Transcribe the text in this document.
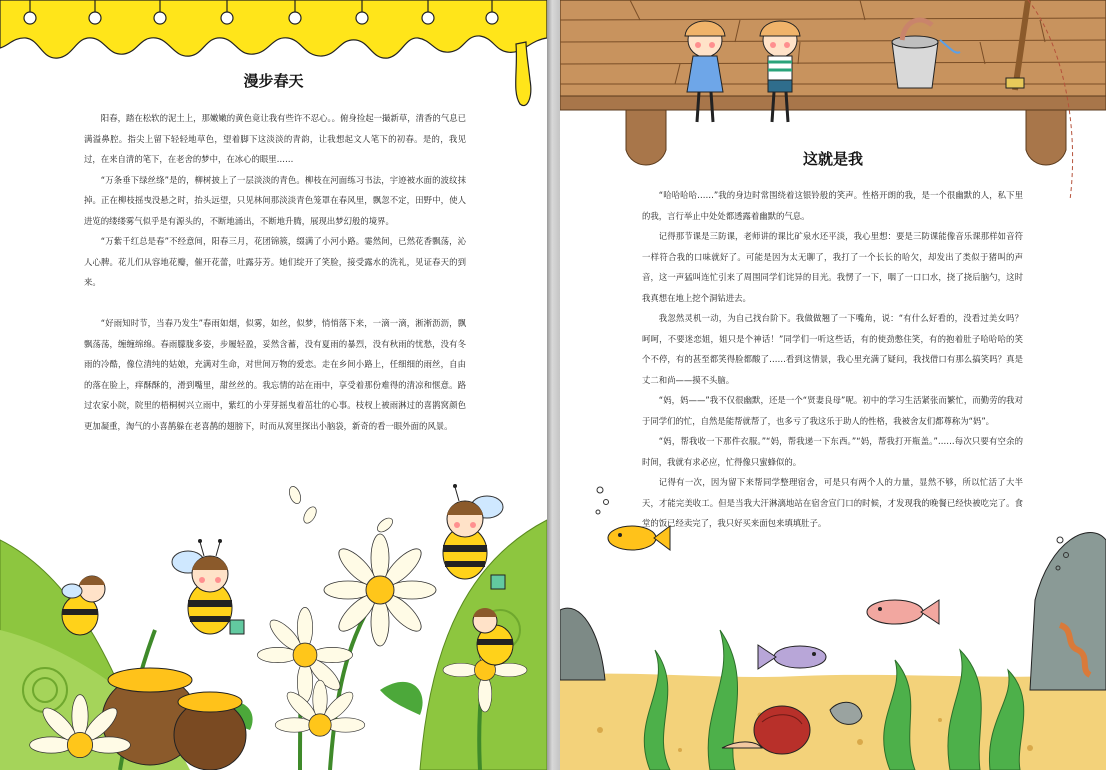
漫步春天

阳春，踏在松软的泥土上，那嫩嫩的黄色竟让我有些许不忍心。。俯身捡起一撮新草，清香的气息已满溢鼻腔。指尖上留下轻轻地草色，望着脚下这淡淡的青韵，让我想起文人笔下的初春。是的，我见过，在来自清的笔下，在老舍的梦中，在冰心的眼里……

“万条垂下绿丝绦”是的，柳树披上了一层淡淡的青色。柳枝在河面练习书法，宇迹被水面的波纹抹掉。正在柳枝摇曳没悬之时，抬头远望，只见林间那淡淡青色笼罩在春风里，飘忽不定，田野中，使人进览的缕缕雾气似乎是有源头的，不断地涌出，不断地升腾，展现出梦幻般的境界。

“万紫千红总是春”不经意间，阳春三月，花团锦簇，缀满了小河小路。霎然间，已然花香飘荡，沁人心脾。花儿们从容地花瓣，催开花蕾，吐露芬芳。她们绽开了笑脸，接受露水的洗礼，见证春天的到来。

“好雨知时节，当春乃发生”春雨如烟，似雾，如丝，似梦，悄悄落下来，一滴一滴，淅淅沥沥，飘飘荡荡，缠缠绵绵。春雨朦胧多姿，步履轻盈，妥然含蓄，没有夏雨的暴烈，没有秋雨的忧愁，没有冬雨的冷酷，像位清纯的姑娘，充满对生命，对世间万物的爱恋。走在乡间小路上，任细细的雨丝，自由的落在脸上，痒酥酥的，滑到嘴里，甜丝丝的。我忘情的站在雨中，享受着那份难得的清凉和惬意。路过农家小院，院里的梧桐树兴立雨中，紫红的小芽芽摇曳着茁壮的心事。枝杈上被雨淋过的喜鹊窝颜色更加凝重，淘气的小喜鹊躲在老喜鹊的翅膀下，时而从窝里探出小脑袋，新奇的看一眼外面的风景。

这就是我

“哈哈哈哈……”我的身边时常围绕着这银铃般的笑声。性格开朗的我，是一个很幽默的人，私下里的我，言行举止中处处都透露着幽默的气息。

记得那节课是三防课，老师讲的课比矿泉水还平淡，我心里想：要是三防课能像音乐课那样如音符一样符合我的口味就好了。可能是因为太无聊了，我打了一个长长的哈欠，却发出了类似于猪叫的声音，这一声猛叫连忙引来了周围同学们诧异的目光。我愣了一下，咽了一口口水，挠了挠后脑勺，这时我真想在地上挖个洞钻进去。

我忽然灵机一动，为自己找台阶下。我做做翘了一下嘴角，说：“有什么好看的，没看过美女吗？呵呵，不要迷恋姐，姐只是个神话！”同学们一听这些话，有的使劲憋住笑，有的抱着肚子哈哈哈的笑个不停，有的甚至都笑得脸都酸了……看到这情景，我心里充满了疑问，我找借口有那么搞笑吗？真是丈二和尚——摸不头脑。

“妈，妈——”我不仅很幽默，还是一个“贤妻良母”呢。初中的学习生活紧张而繁忙，而勤劳的我对于同学们的忙，自然是能帮就帮了，也多亏了我这乐于助人的性格，我被舍友们都尊称为“妈”。

“妈，帮我收一下那件衣服。”“妈，帮我递一下东西。”“妈，帮我打开瓶盖。”……每次只要有空余的时间，我就有求必应，忙得像只蜜蜂似的。

记得有一次，因为留下来帮同学整理宿舍，可是只有两个人的力量，显然不够，所以忙活了大半天，才能完美收工。但是当我大汗淋漓地站在宿舍宣门口的时候，才发现我的晚餐已经快被吃完了。食堂的饭已经卖完了，我只好买来面包来填填肚子。
